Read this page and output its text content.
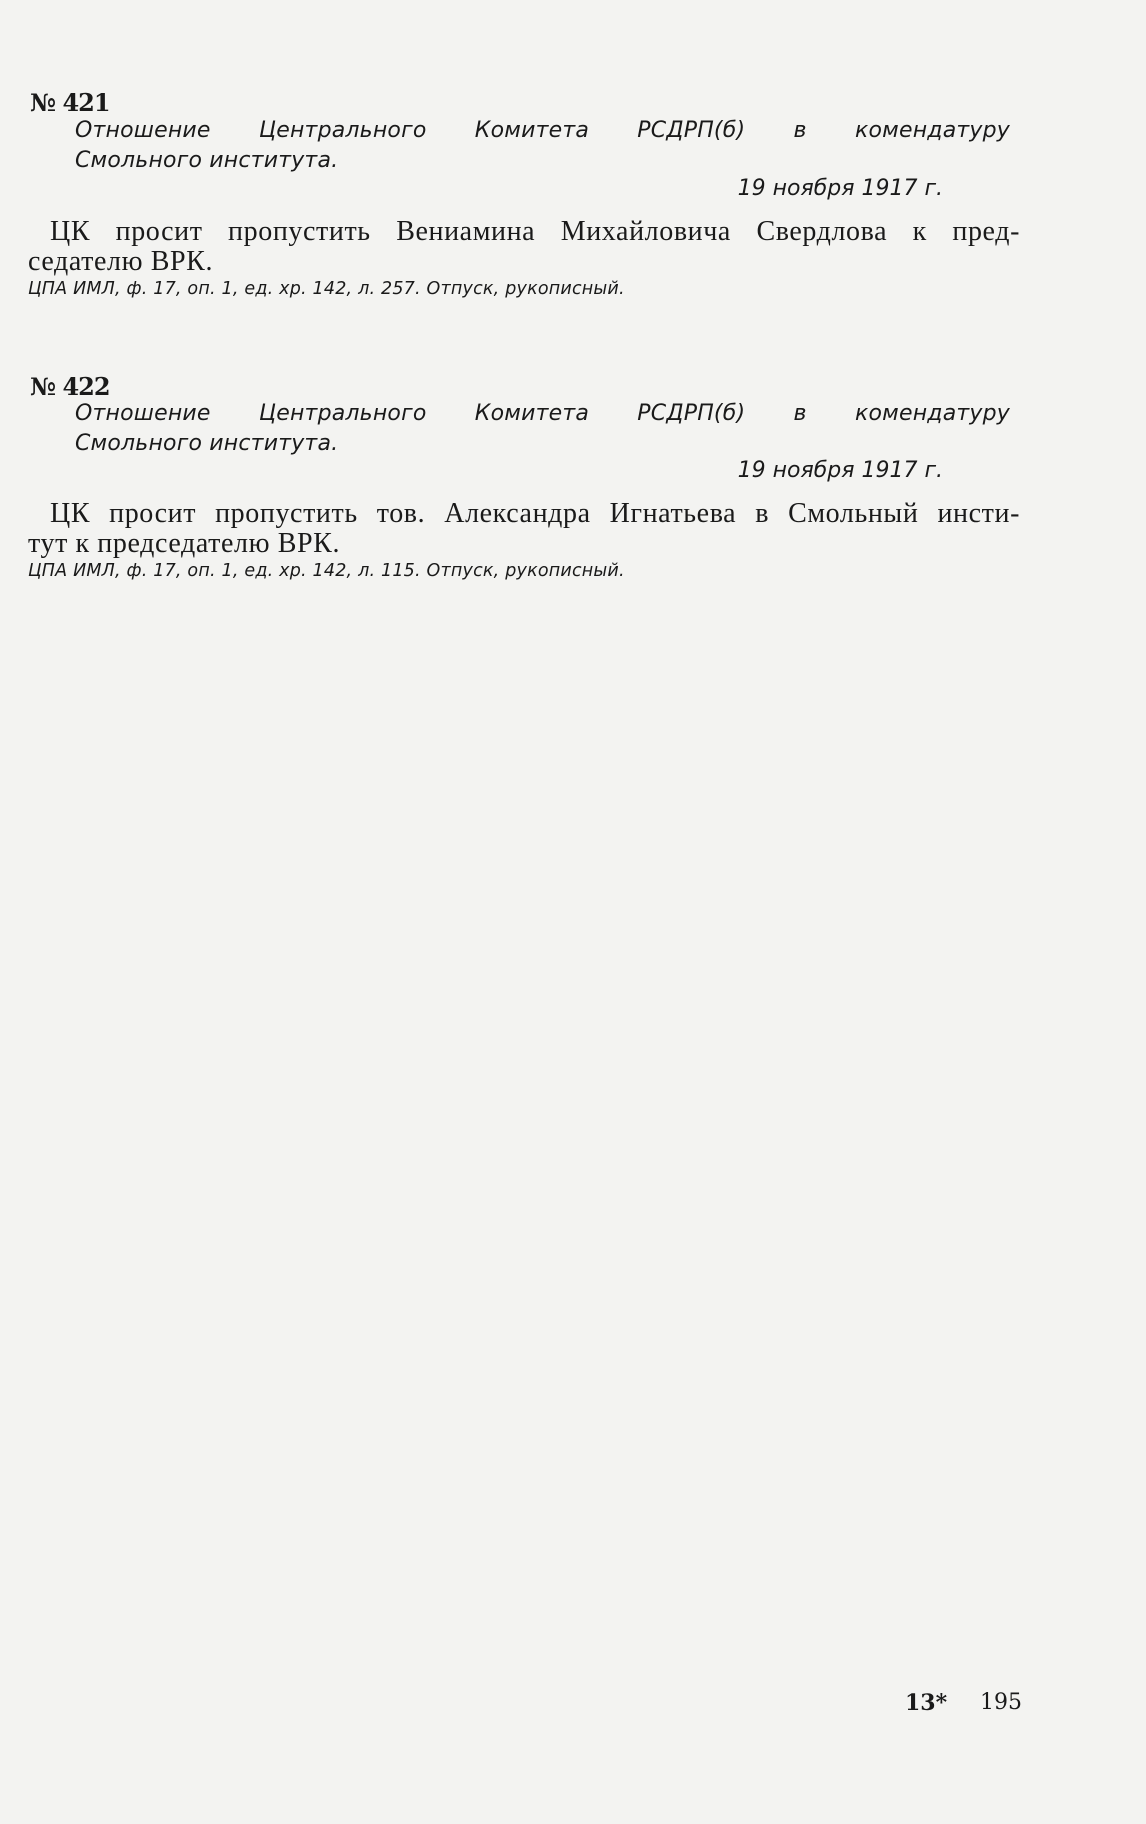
№ 421
Отношение Центрального Комитета РСДРП(б) в комендатуру
Смольного института.
19 ноября 1917 г.
ЦК просит пропустить Вениамина Михайловича Свердлова к пред-
седателю ВРК.
ЦПА ИМЛ, ф. 17, оп. 1, ед. хр. 142, л. 257. Отпуск, рукописный.
№ 422
Отношение Центрального Комитета РСДРП(б) в комендатуру
Смольного института.
19 ноября 1917 г.
ЦК просит пропустить тов. Александра Игнатьева в Смольный инсти-
тут к председателю ВРК.
ЦПА ИМЛ, ф. 17, оп. 1, ед. хр. 142, л. 115. Отпуск, рукописный.
13* 195
